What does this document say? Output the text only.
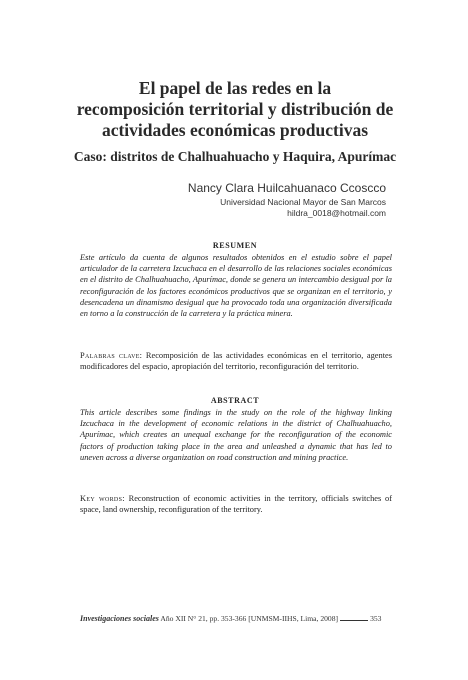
El papel de las redes en la
recomposición territorial y distribución de
actividades económicas productivas
Caso: distritos de Chalhuahuacho y Haquira, Apurímac
Nancy Clara Huilcahuanaco Ccoscco
Universidad Nacional Mayor de San Marcos
hildra_0018@hotmail.com
RESUMEN
Este artículo da cuenta de algunos resultados obtenidos en el estudio sobre el papel articulador de la carretera Izcuchaca en el desarrollo de las relaciones sociales económicas en el distrito de Chalhuahuacho, Apurímac, donde se genera un intercambio desigual por la reconfiguración de los factores económicos productivos que se organizan en el territorio, y desencadena un dinamismo desigual que ha provocado toda una organización diversificada en torno a la construcción de la carretera y la práctica minera.
Palabras clave: Recomposición de las actividades económicas en el territorio, agentes modificadores del espacio, apropiación del territorio, reconfiguración del territorio.
ABSTRACT
This article describes some findings in the study on the role of the highway linking Izcuchaca in the development of economic relations in the district of Chalhuahuacho, Apurímac, which creates an unequal exchange for the reconfiguration of the economic factors of production taking place in the area and unleashed a dynamic that has led to uneven across a diverse organization on road construction and mining practice.
Key words: Reconstruction of economic activities in the territory, officials switches of space, land ownership, reconfiguration of the territory.
Investigaciones sociales Año XII N° 21, pp. 353-366 [UNMSM-IIHS, Lima, 2008]	353
